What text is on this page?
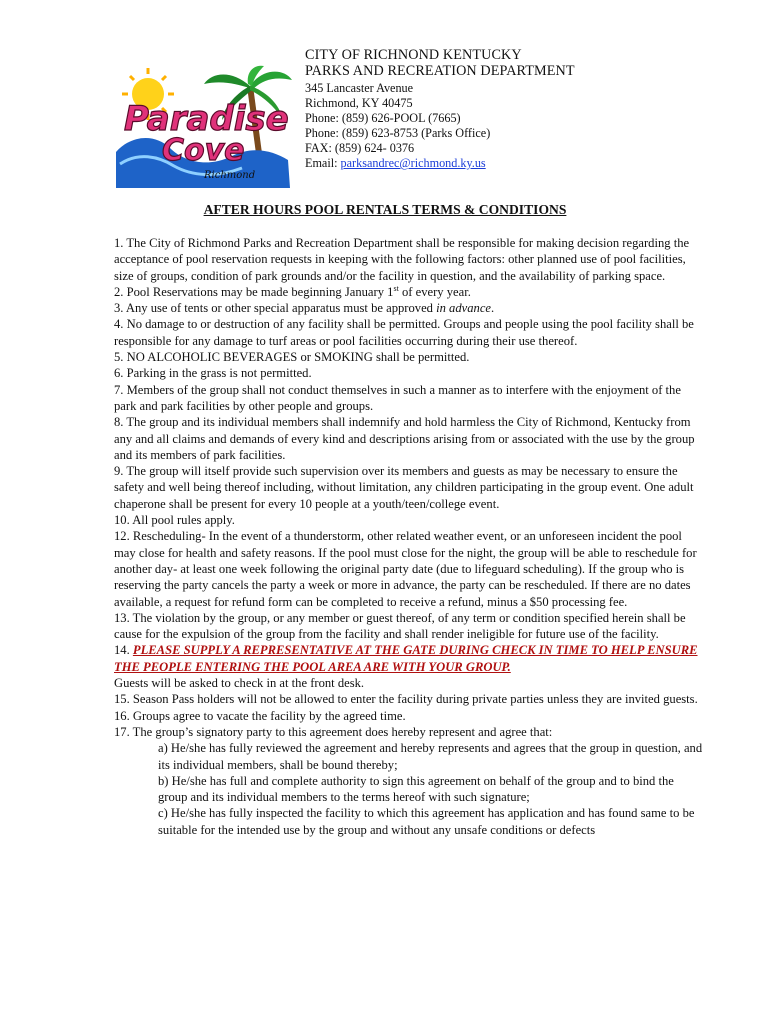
Paradise
Cove
Richmond
CITY OF RICHNOND KENTUCKY
PARKS AND RECREATION DEPARTMENT
345 Lancaster Avenue
Richmond, KY 40475
Phone: (859) 626-POOL (7665)
Phone: (859) 623-8753 (Parks Office)
FAX: (859) 624- 0376
Email: parksandrec@richmond.ky.us
AFTER HOURS POOL RENTALS TERMS & CONDITIONS

1. The City of Richmond Parks and Recreation Department shall be responsible for making decision regarding the acceptance of pool reservation requests in keeping with the following factors: other planned use of pool facilities, size of groups, condition of park grounds and/or the facility in question, and the availability of parking space.

2. Pool Reservations may be made beginning January 1st of every year.

3. Any use of tents or other special apparatus must be approved in advance.

4. No damage to or destruction of any facility shall be permitted. Groups and people using the pool facility shall be responsible for any damage to turf areas or pool facilities occurring during their use thereof.

5. NO ALCOHOLIC BEVERAGES or SMOKING shall be permitted.

6. Parking in the grass is not permitted.

7. Members of the group shall not conduct themselves in such a manner as to interfere with the enjoyment of the park and park facilities by other people and groups.

8. The group and its individual members shall indemnify and hold harmless the City of Richmond, Kentucky from any and all claims and demands of every kind and descriptions arising from or associated with the use by the group and its members of park facilities.

9. The group will itself provide such supervision over its members and guests as may be necessary to ensure the safety and well being thereof including, without limitation, any children participating in the group event. One adult chaperone shall be present for every 10 people at a youth/teen/college event.

10. All pool rules apply.

12. Rescheduling- In the event of a thunderstorm, other related weather event, or an unforeseen incident the pool may close for health and safety reasons. If the pool must close for the night, the group will be able to reschedule for another day- at least one week following the original party date (due to lifeguard scheduling). If the group who is reserving the party cancels the party a week or more in advance, the party can be rescheduled. If there are no dates available, a request for refund form can be completed to receive a refund, minus a $50 processing fee.

13. The violation by the group, or any member or guest thereof, of any term or condition specified herein shall be cause for the expulsion of the group from the facility and shall render ineligible for future use of the facility.

14. PLEASE SUPPLY A REPRESENTATIVE AT THE GATE DURING CHECK IN TIME TO HELP ENSURE THE PEOPLE ENTERING THE POOL AREA ARE WITH YOUR GROUP.

Guests will be asked to check in at the front desk.

15. Season Pass holders will not be allowed to enter the facility during private parties unless they are invited guests.

16. Groups agree to vacate the facility by the agreed time.

17. The group’s signatory party to this agreement does hereby represent and agree that:

a) He/she has fully reviewed the agreement and hereby represents and agrees that the group in question, and its individual members, shall be bound thereby;

b) He/she has full and complete authority to sign this agreement on behalf of the group and to bind the group and its individual members to the terms hereof with such signature;

c) He/she has fully inspected the facility to which this agreement has application and has found same to be suitable for the intended use by the group and without any unsafe conditions or defects
